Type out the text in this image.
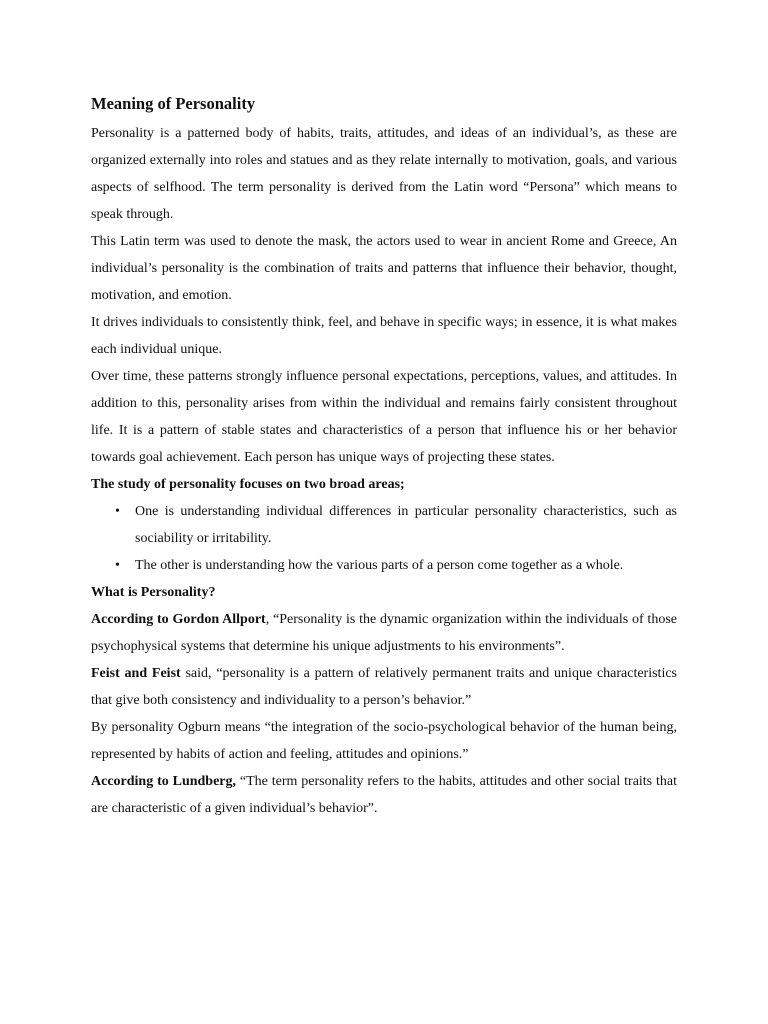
Meaning of Personality

Personality is a patterned body of habits, traits, attitudes, and ideas of an individual’s, as these are organized externally into roles and statues and as they relate internally to motivation, goals, and various aspects of selfhood. The term personality is derived from the Latin word “Persona” which means to speak through.

This Latin term was used to denote the mask, the actors used to wear in ancient Rome and Greece, An individual’s personality is the combination of traits and patterns that influence their behavior, thought, motivation, and emotion.

It drives individuals to consistently think, feel, and behave in specific ways; in essence, it is what makes each individual unique.

Over time, these patterns strongly influence personal expectations, perceptions, values, and attitudes. In addition to this, personality arises from within the individual and remains fairly consistent throughout life. It is a pattern of stable states and characteristics of a person that influence his or her behavior towards goal achievement. Each person has unique ways of projecting these states.

The study of personality focuses on two broad areas;
• One is understanding individual differences in particular personality characteristics, such as sociability or irritability.
• The other is understanding how the various parts of a person come together as a whole.
What is Personality?

According to Gordon Allport, “Personality is the dynamic organization within the individuals of those psychophysical systems that determine his unique adjustments to his environments”.

Feist and Feist said, “personality is a pattern of relatively permanent traits and unique characteristics that give both consistency and individuality to a person’s behavior.”

By personality Ogburn means “the integration of the socio-psychological behavior of the human being, represented by habits of action and feeling, attitudes and opinions.”

According to Lundberg, “The term personality refers to the habits, attitudes and other social traits that are characteristic of a given individual’s behavior”.
